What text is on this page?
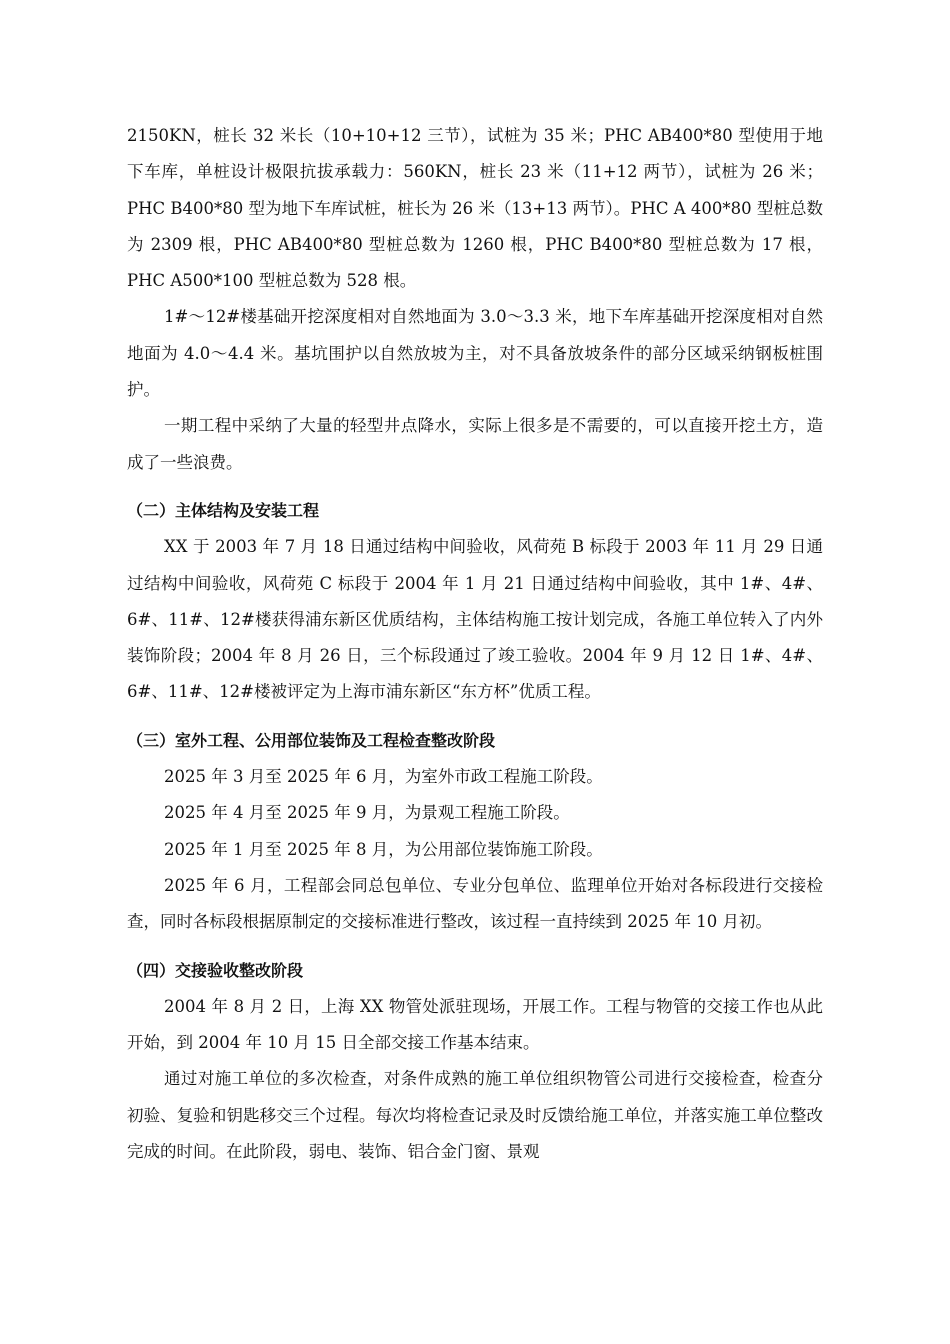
2150KN，桩长 32 米长（10+10+12 三节），试桩为 35 米；PHC AB400*80 型使用于地下车库，单桩设计极限抗拔承载力：560KN，桩长 23 米（11+12 两节），试桩为 26 米；PHC B400*80 型为地下车库试桩，桩长为 26 米（13+13 两节）。PHC A 400*80 型桩总数为 2309 根，PHC AB400*80 型桩总数为 1260 根，PHC B400*80 型桩总数为 17 根，PHC A500*100 型桩总数为 528 根。

1#～12#楼基础开挖深度相对自然地面为 3.0～3.3 米，地下车库基础开挖深度相对自然地面为 4.0～4.4 米。基坑围护以自然放坡为主，对不具备放坡条件的部分区域采纳钢板桩围护。

一期工程中采纳了大量的轻型井点降水，实际上很多是不需要的，可以直接开挖土方，造成了一些浪费。

（二）主体结构及安装工程

XX 于 2003 年 7 月 18 日通过结构中间验收，风荷苑 B 标段于 2003 年 11 月 29 日通过结构中间验收，风荷苑 C 标段于 2004 年 1 月 21 日通过结构中间验收，其中 1#、4#、6#、11#、12#楼获得浦东新区优质结构，主体结构施工按计划完成，各施工单位转入了内外装饰阶段；2004 年 8 月 26 日，三个标段通过了竣工验收。2004 年 9 月 12 日 1#、4#、6#、11#、12#楼被评定为上海市浦东新区“东方杯”优质工程。

（三）室外工程、公用部位装饰及工程检查整改阶段

2025 年 3 月至 2025 年 6 月，为室外市政工程施工阶段。

2025 年 4 月至 2025 年 9 月，为景观工程施工阶段。

2025 年 1 月至 2025 年 8 月，为公用部位装饰施工阶段。

2025 年 6 月，工程部会同总包单位、专业分包单位、监理单位开始对各标段进行交接检查，同时各标段根据原制定的交接标准进行整改，该过程一直持续到 2025 年 10 月初。

（四）交接验收整改阶段

2004 年 8 月 2 日，上海 XX 物管处派驻现场，开展工作。工程与物管的交接工作也从此开始，到 2004 年 10 月 15 日全部交接工作基本结束。

通过对施工单位的多次检查，对条件成熟的施工单位组织物管公司进行交接检查，检查分初验、复验和钥匙移交三个过程。每次均将检查记录及时反馈给施工单位，并落实施工单位整改完成的时间。在此阶段，弱电、装饰、铝合金门窗、景观
